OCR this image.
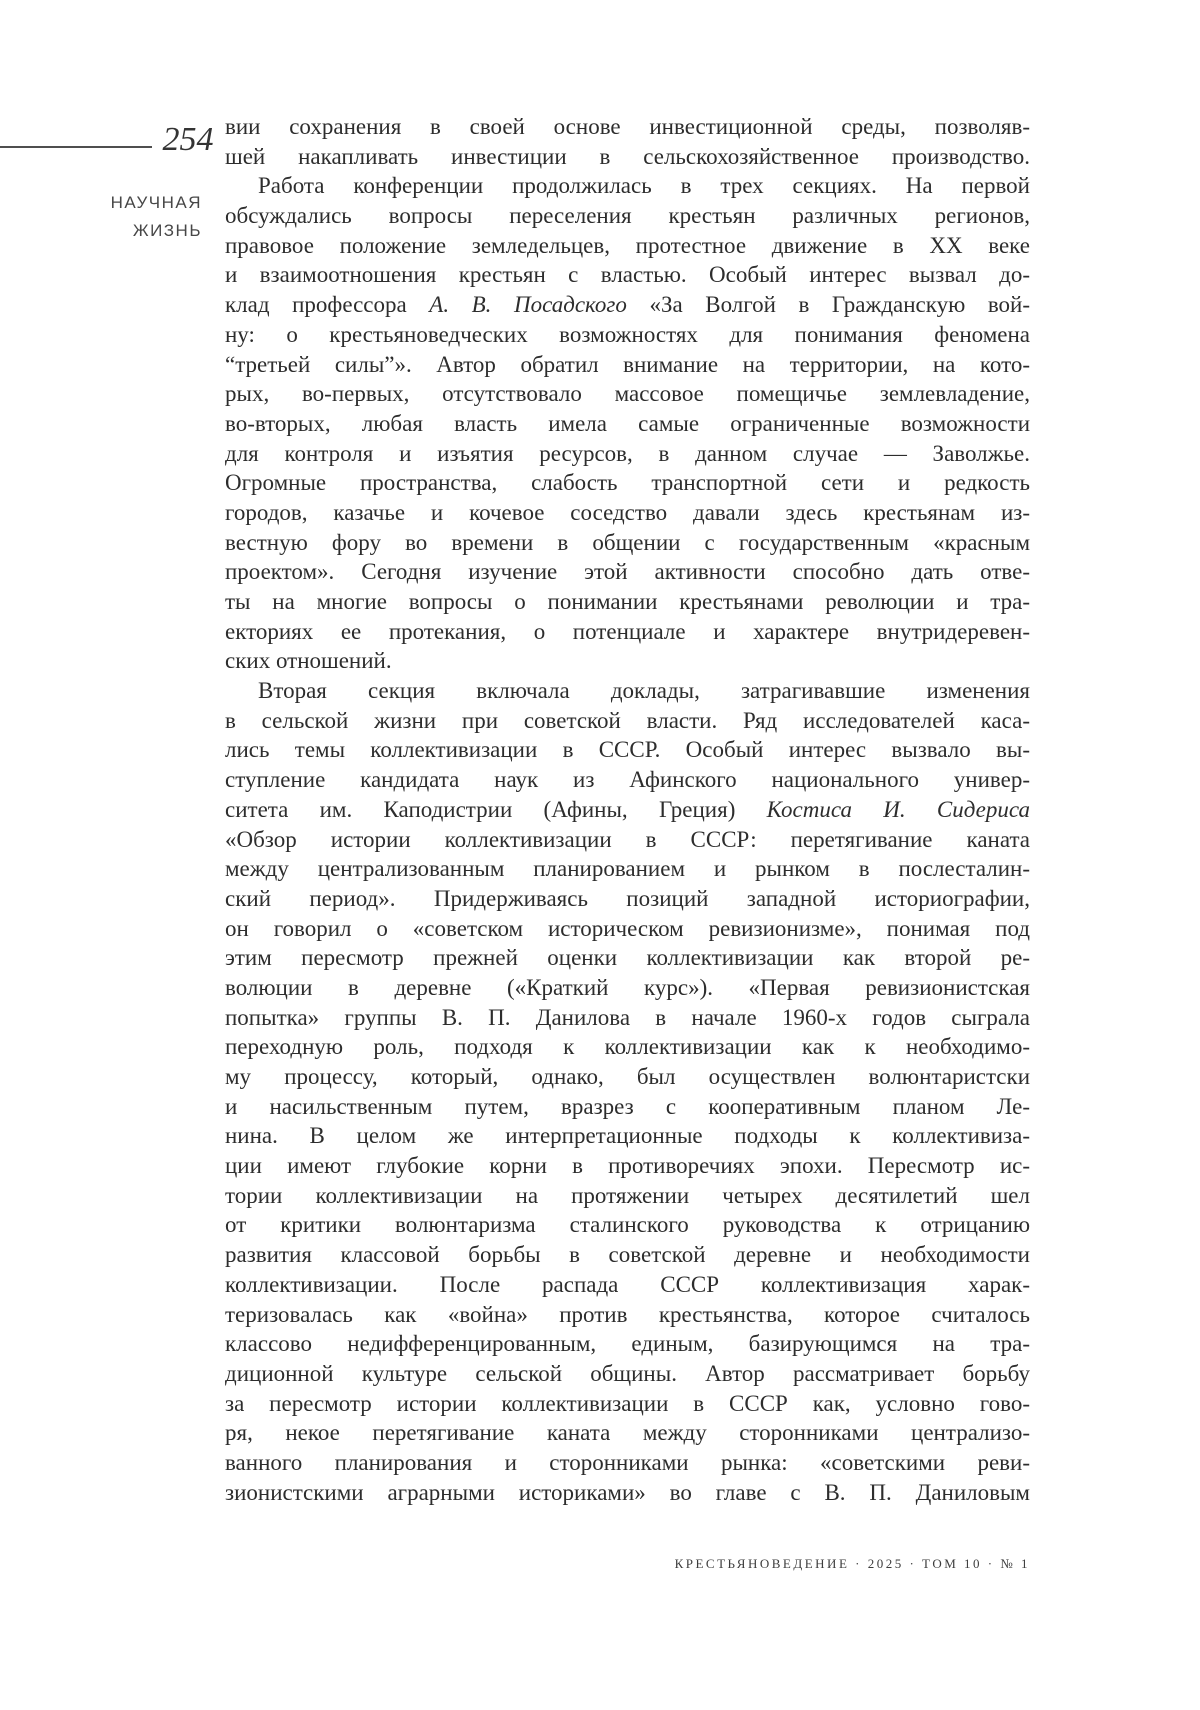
254
НАУЧНАЯ
ЖИЗНЬ
вии сохранения в своей основе инвестиционной среды, позволяв-
шей накапливать инвестиции в сельскохозяйственное производство.
Работа конференции продолжилась в трех секциях. На первой
обсуждались вопросы переселения крестьян различных регионов,
правовое положение земледельцев, протестное движение в XX веке
и взаимоотношения крестьян с властью. Особый интерес вызвал до-
клад профессора А. В. Посадского «За Волгой в Гражданскую вой-
ну: о крестьяноведческих возможностях для понимания феномена
“третьей силы”». Автор обратил внимание на территории, на кото-
рых, во-первых, отсутствовало массовое помещичье землевладение,
во-вторых, любая власть имела самые ограниченные возможности
для контроля и изъятия ресурсов, в данном случае — Заволжье.
Огромные пространства, слабость транспортной сети и редкость
городов, казачье и кочевое соседство давали здесь крестьянам из-
вестную фору во времени в общении с государственным «красным
проектом». Сегодня изучение этой активности способно дать отве-
ты на многие вопросы о понимании крестьянами революции и тра-
екториях ее протекания, о потенциале и характере внутридеревен-
ских отношений.
Вторая секция включала доклады, затрагивавшие изменения
в сельской жизни при советской власти. Ряд исследователей каса-
лись темы коллективизации в СССР. Особый интерес вызвало вы-
ступление кандидата наук из Афинского национального универ-
ситета им. Каподистрии (Афины, Греция) Костиса И. Сидериса
«Обзор истории коллективизации в СССР: перетягивание каната
между централизованным планированием и рынком в послесталин-
ский период». Придерживаясь позиций западной историографии,
он говорил о «советском историческом ревизионизме», понимая под
этим пересмотр прежней оценки коллективизации как второй ре-
волюции в деревне («Краткий курс»). «Первая ревизионистская
попытка» группы В. П. Данилова в начале 1960-х годов сыграла
переходную роль, подходя к коллективизации как к необходимо-
му процессу, который, однако, был осуществлен волюнтаристски
и насильственным путем, вразрез с кооперативным планом Ле-
нина. В целом же интерпретационные подходы к коллективиза-
ции имеют глубокие корни в противоречиях эпохи. Пересмотр ис-
тории коллективизации на протяжении четырех десятилетий шел
от критики волюнтаризма сталинского руководства к отрицанию
развития классовой борьбы в советской деревне и необходимости
коллективизации. После распада СССР коллективизация харак-
теризовалась как «война» против крестьянства, которое считалось
классово недифференцированным, единым, базирующимся на тра-
диционной культуре сельской общины. Автор рассматривает борьбу
за пересмотр истории коллективизации в СССР как, условно гово-
ря, некое перетягивание каната между сторонниками централизо-
ванного планирования и сторонниками рынка: «советскими реви-
зионистскими аграрными историками» во главе с В. П. Даниловым
КРЕСТЬЯНОВЕДЕНИЕ · 2025 · ТОМ 10 · № 1
